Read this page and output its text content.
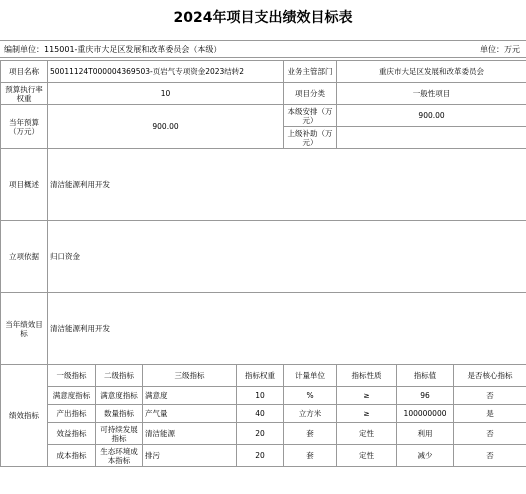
2024年项目支出绩效目标表
编制单位：115001-重庆市大足区发展和改革委员会（本级）	单位：万元
项目名称	50011124T000004369503-页岩气专项资金2023结转2				业务主管部门	重庆市大足区发展和改革委员会		
预算执行率权重	10				项目分类	一般性项目		
当年预算（万元）	900.00				本级安排（万元）	900.00		
					上级补助（万元）			
项目概述	清洁能源利用开发							
立项依据	归口资金							
当年绩效目标	清洁能源利用开发							
绩效指标	一级指标	二级指标	三级指标	指标权重	计量单位	指标性质	指标值	是否核心指标
	满意度指标	满意度指标	满意度	10	%	≥	96	否
	产出指标	数量指标	产气量	40	立方米	≥	100000000	是
	效益指标	可持续发展指标	清洁能源	20	套	定性	利用	否
	成本指标	生态环境成本指标	排污	20	套	定性	减少	否
